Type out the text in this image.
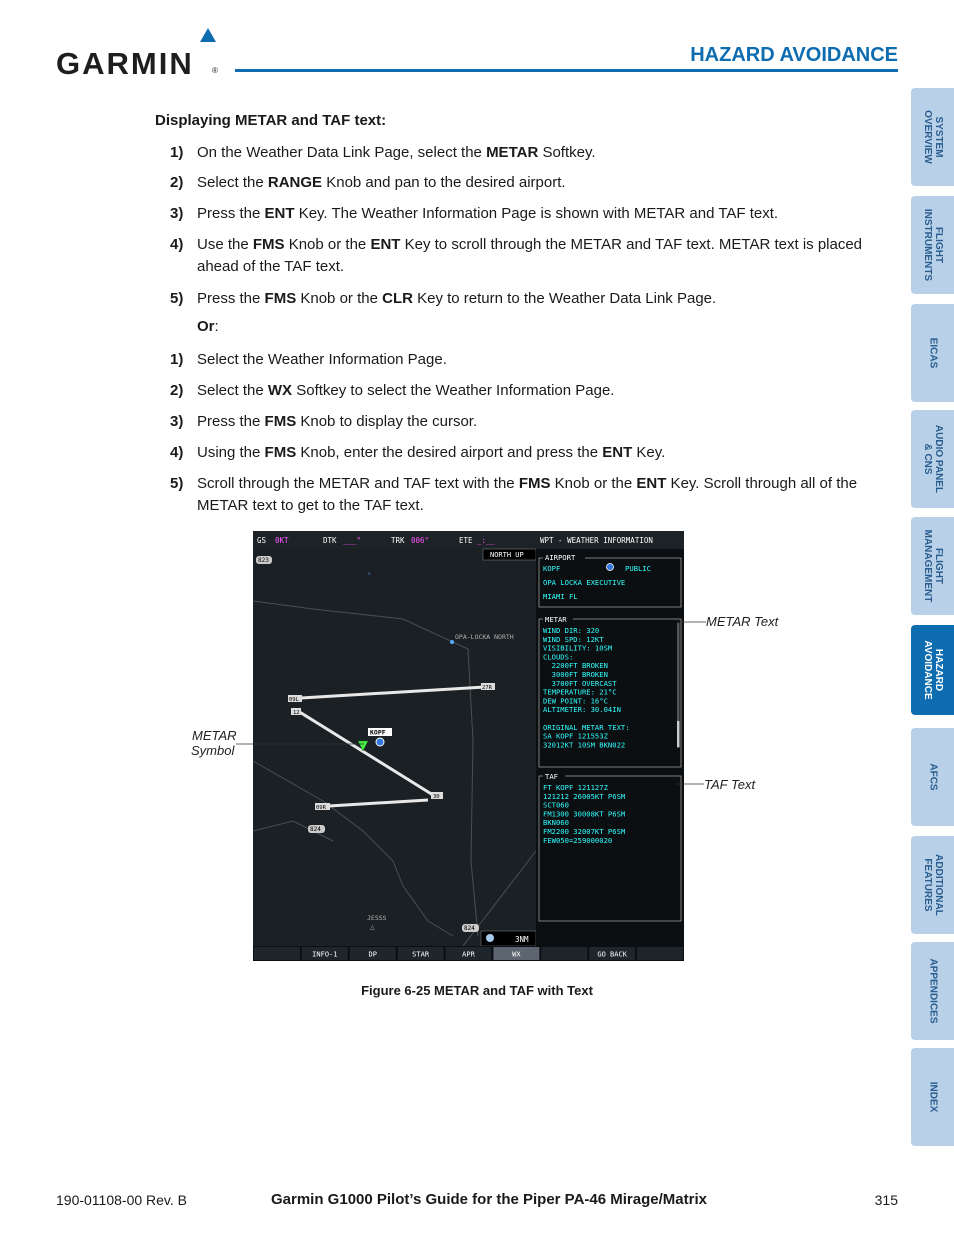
GARMIN ®
HAZARD AVOIDANCE
Displaying METAR and TAF text:
1) On the Weather Data Link Page, select the METAR Softkey.
2) Select the RANGE Knob and pan to the desired airport.
3) Press the ENT Key. The Weather Information Page is shown with METAR and TAF text.
4) Use the FMS Knob or the ENT Key to scroll through the METAR and TAF text. METAR text is placed ahead of the TAF text.
5) Press the FMS Knob or the CLR Key to return to the Weather Data Link Page.
Or:
1) Select the Weather Information Page.
2) Select the WX Softkey to select the Weather Information Page.
3) Press the FMS Knob to display the cursor.
4) Using the FMS Knob, enter the desired airport and press the ENT Key.
5) Scroll through the METAR and TAF text with the FMS Knob or the ENT Key. Scroll through all of the METAR text to get to the TAF text.
GS 0KT	DTK ___°	TRK 006°	ETE _:__	WPT - WEATHER INFORMATION
NORTH UP
823
•
OPA-LOCKA NORTH
09L
27R
12
30
09R
KOPF
824
JESSS
△	824
3NM
AIRPORT
KOPF	PUBLIC
OPA LOCKA EXECUTIVE
MIAMI FL
METAR
WIND DIR: 320
WIND SPD: 12KT
VISIBILITY: 10SM
CLOUDS:
2200FT BROKEN
3000FT BROKEN
3700FT OVERCAST
TEMPERATURE: 21°C
DEW POINT: 16°C
ALTIMETER: 30.04IN
ORIGINAL METAR TEXT:
SA KOPF 121553Z
32012KT 10SM BKN022
TAF
FT KOPF 121127Z
121212 26005KT P6SM
SCT060
FM1300 30008KT P6SM
BKN060
FM2200 32007KT P6SM
FEW050=259000020
INFO-1	DP	STAR	APR	WX	GO BACK
METAR Text
METAR
Symbol
TAF Text
Figure 6-25 METAR and TAF with Text
SYSTEM
OVERVIEW
FLIGHT
INSTRUMENTS
EICAS
AUDIO PANEL
& CNS
FLIGHT
MANAGEMENT
HAZARD
AVOIDANCE
AFCS
ADDITIONAL
FEATURES
APPENDICES
INDEX
190-01108-00 Rev. B	Garmin G1000 Pilot’s Guide for the Piper PA-46 Mirage/Matrix	315
